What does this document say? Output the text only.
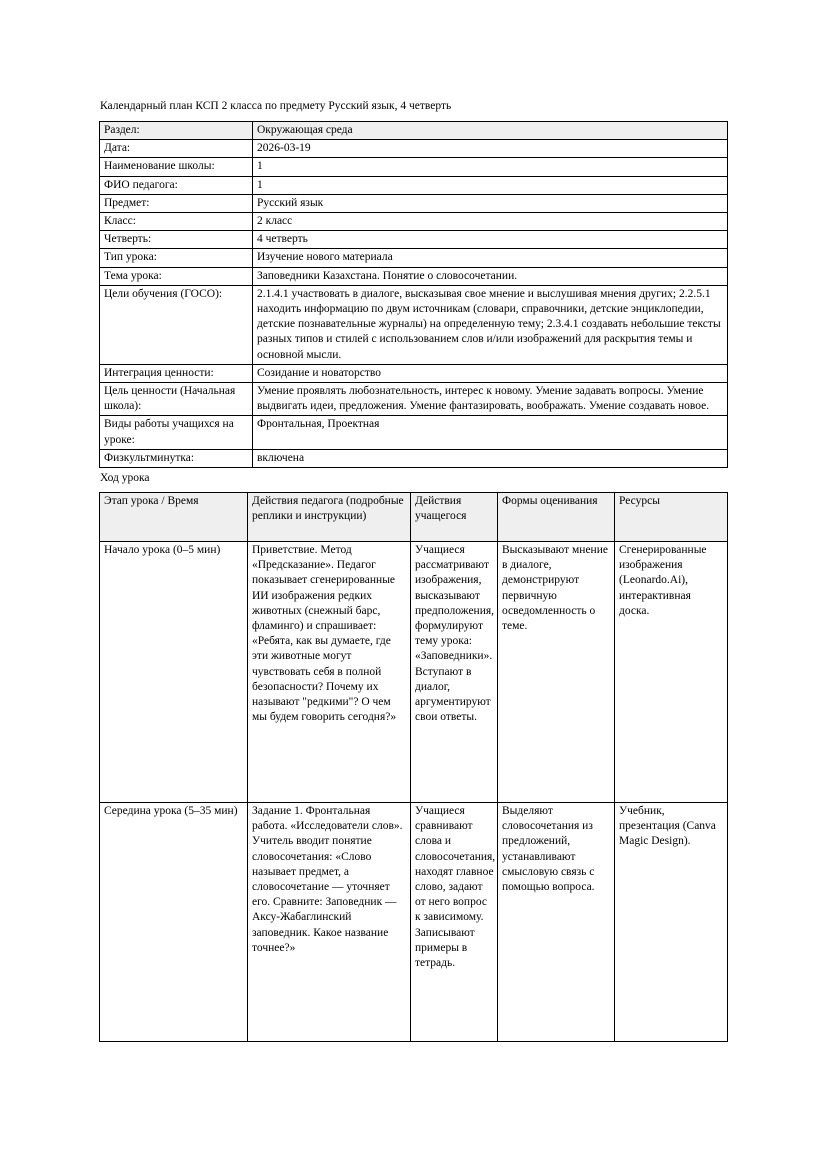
Календарный план КСП 2 класса по предмету Русский язык, 4 четверть
Раздел:	Окружающая среда
Дата:	2026-03-19
Наименование школы:	1
ФИО педагога:	1
Предмет:	Русский язык
Класс:	2 класс
Четверть:	4 четверть
Тип урока:	Изучение нового материала
Тема урока:	Заповедники Казахстана. Понятие о словосочетании.
Цели обучения (ГОСО):	2.1.4.1 участвовать в диалоге, высказывая свое мнение и выслушивая мнения других; 2.2.5.1 находить информацию по двум источникам (словари, справочники, детские энциклопедии, детские познавательные журналы) на определенную тему; 2.3.4.1 создавать небольшие тексты разных типов и стилей с использованием слов и/или изображений для раскрытия темы и основной мысли.
Интеграция ценности:	Созидание и новаторство
Цель ценности (Начальная школа):	Умение проявлять любознательность, интерес к новому. Умение задавать вопросы. Умение выдвигать идеи, предложения. Умение фантазировать, воображать. Умение создавать новое.
Виды работы учащихся на уроке:	Фронтальная, Проектная
Физкультминутка:	включена
Ход урока
Этап урока / Время	Действия педагога (подробные реплики и инструкции)	Действия учащегося	Формы оценивания	Ресурсы
Начало урока (0–5 мин)	Приветствие. Метод «Предсказание». Педагог показывает сгенерированные ИИ изображения редких животных (снежный барс, фламинго) и спрашивает: «Ребята, как вы думаете, где эти животные могут чувствовать себя в полной безопасности? Почему их называют "редкими"? О чем мы будем говорить сегодня?»	Учащиеся рассматривают изображения, высказывают предположения, формулируют тему урока: «Заповедники». Вступают в диалог, аргументируют свои ответы.	Высказывают мнение в диалоге, демонстрируют первичную осведомленность о теме.	Сгенерированные изображения (Leonardo.Ai), интерактивная доска.
Середина урока (5–35 мин)	Задание 1. Фронтальная работа. «Исследователи слов». Учитель вводит понятие словосочетания: «Слово называет предмет, а словосочетание — уточняет его. Сравните: Заповедник — Аксу-Жабаглинский заповедник. Какое название точнее?»	Учащиеся сравнивают слова и словосочетания, находят главное слово, задают от него вопрос к зависимому. Записывают примеры в тетрадь.	Выделяют словосочетания из предложений, устанавливают смысловую связь с помощью вопроса.	Учебник, презентация (Canva Magic Design).
